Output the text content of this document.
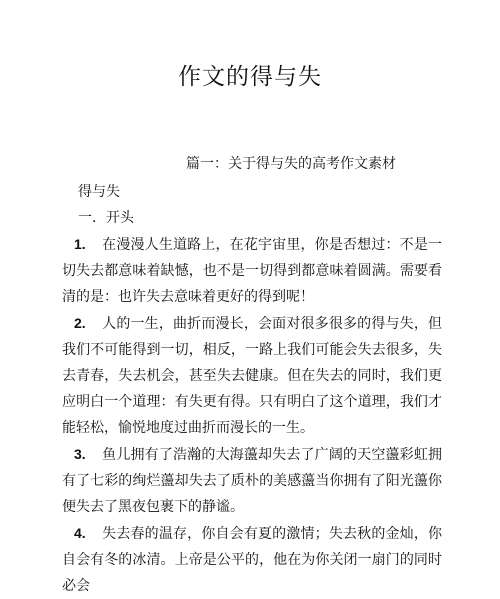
作文的得与失
篇一：关于得与失的高考作文素材
得与失
一．开头

1. 在漫漫人生道路上，在花宇宙里，你是否想过：不是一切失去都意味着缺憾，也不是一切得到都意味着圆满。需要看清的是：也许失去意味着更好的得到呢！

2. 人的一生，曲折而漫长，会面对很多很多的得与失，但我们不可能得到一切，相反，一路上我们可能会失去很多，失去青春，失去机会，甚至失去健康。但在失去的同时，我们更应明白一个道理：有失更有得。只有明白了这个道理，我们才能轻松，愉悦地度过曲折而漫长的一生。

3. 鱼儿拥有了浩瀚的大海蘯却失去了广阔的天空蘯彩虹拥有了七彩的绚烂蘯却失去了质朴的美感蘯当你拥有了阳光蘯你便失去了黑夜包裹下的静谧。

4. 失去春的温存，你自会有夏的激情；失去秋的金灿，你自会有冬的冰清。上帝是公平的，他在为你关闭一扇门的同时必会
